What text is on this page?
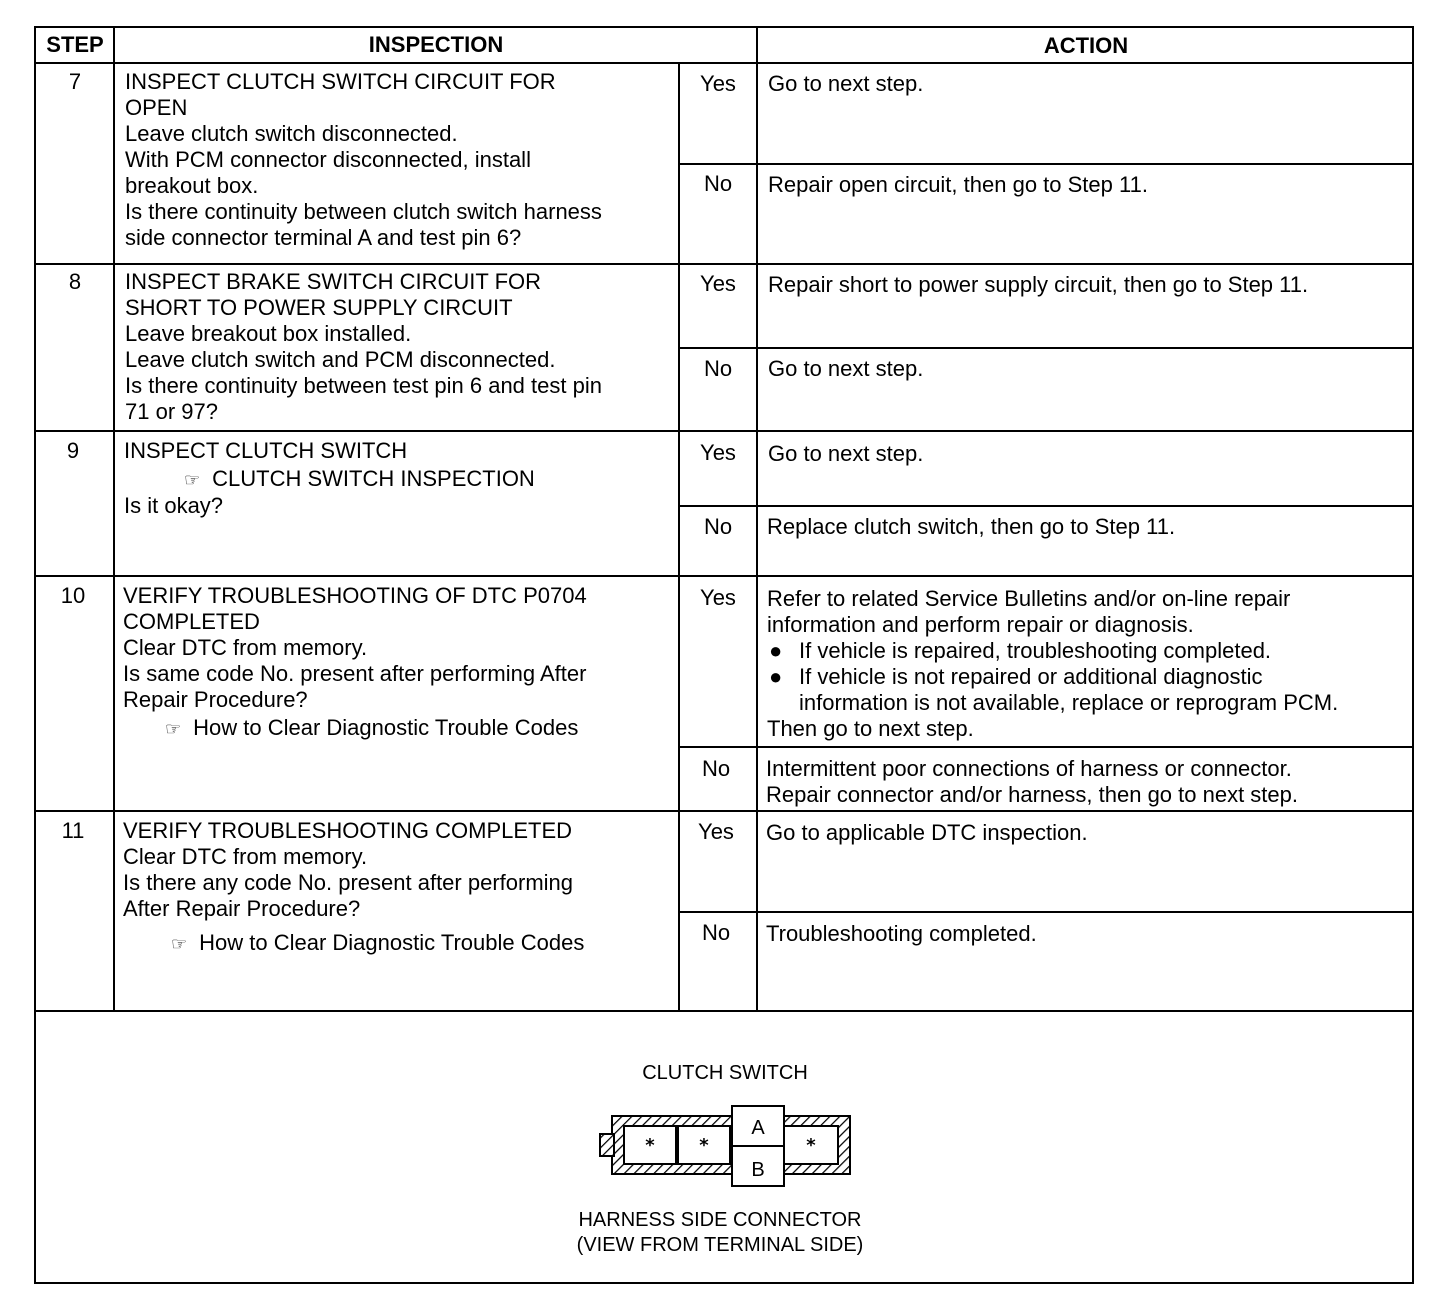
STEP	INSPECTION	ACTION
7	INSPECT CLUTCH SWITCH CIRCUIT FOR
OPEN
Leave clutch switch disconnected.
With PCM connector disconnected, install
breakout box.
Is there continuity between clutch switch harness
side connector terminal A and test pin 6?
Yes	Go to next step.
No	Repair open circuit, then go to Step 11.
8	INSPECT BRAKE SWITCH CIRCUIT FOR
SHORT TO POWER SUPPLY CIRCUIT
Leave breakout box installed.
Leave clutch switch and PCM disconnected.
Is there continuity between test pin 6 and test pin
71 or 97?
Yes	Repair short to power supply circuit, then go to Step 11.
No	Go to next step.
9	INSPECT CLUTCH SWITCH
☞ CLUTCH SWITCH INSPECTION
Is it okay?
Yes	Go to next step.
No	Replace clutch switch, then go to Step 11.
10	VERIFY TROUBLESHOOTING OF DTC P0704
COMPLETED
Clear DTC from memory.
Is same code No. present after performing After
Repair Procedure?
☞ How to Clear Diagnostic Trouble Codes
Yes	Refer to related Service Bulletins and/or on-line repair
information and perform repair or diagnosis.
● If vehicle is repaired, troubleshooting completed.
● If vehicle is not repaired or additional diagnostic
information is not available, replace or reprogram PCM.
Then go to next step.
No	Intermittent poor connections of harness or connector.
Repair connector and/or harness, then go to next step.
11	VERIFY TROUBLESHOOTING COMPLETED
Clear DTC from memory.
Is there any code No. present after performing
After Repair Procedure?
☞ How to Clear Diagnostic Trouble Codes
Yes	Go to applicable DTC inspection.
No	Troubleshooting completed.
CLUTCH SWITCH
* *	*
A
B
HARNESS SIDE CONNECTOR
(VIEW FROM TERMINAL SIDE)
